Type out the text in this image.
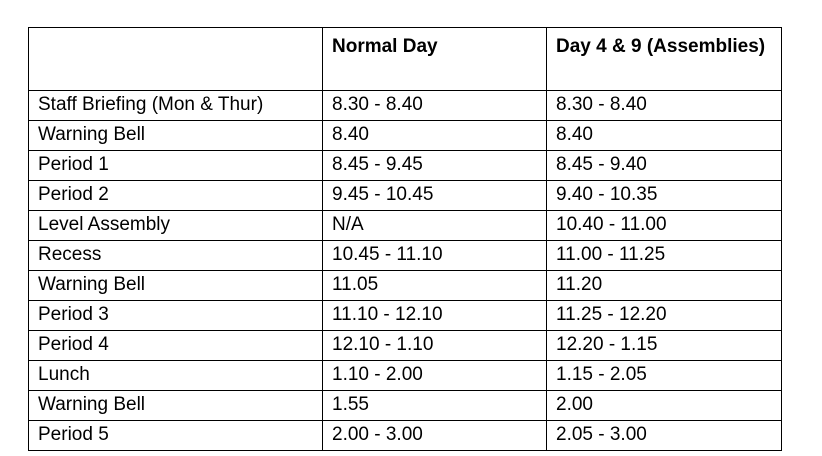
	Normal Day	Day 4 & 9 (Assemblies)
Staff Briefing (Mon & Thur)	8.30 - 8.40	8.30 - 8.40
Warning Bell	8.40	8.40
Period 1	8.45 - 9.45	8.45 - 9.40
Period 2	9.45 - 10.45	9.40 - 10.35
Level Assembly	N/A	10.40 - 11.00
Recess	10.45 - 11.10	11.00 - 11.25
Warning Bell	11.05	11.20
Period 3	11.10 - 12.10	11.25 - 12.20
Period 4	12.10 - 1.10	12.20 - 1.15
Lunch	1.10 - 2.00	1.15 - 2.05
Warning Bell	1.55	2.00
Period 5	2.00 - 3.00	2.05 - 3.00
